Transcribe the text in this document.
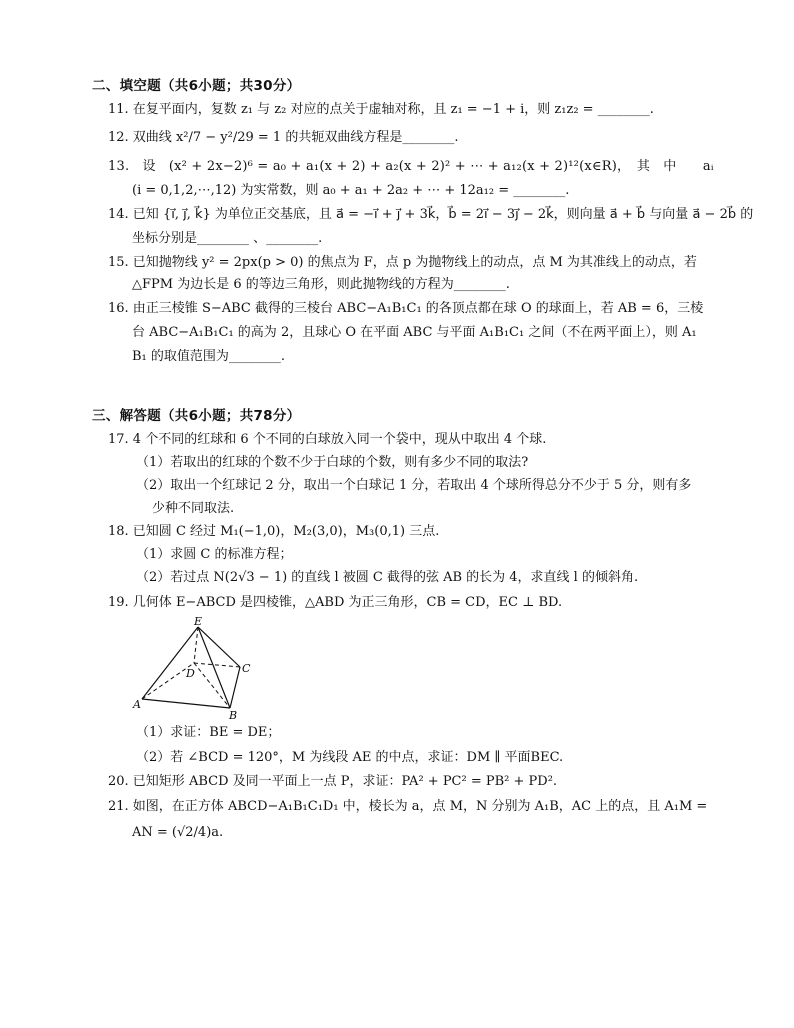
二、填空题（共6小题；共30分）
11. 在复平面内，复数 z₁ 与 z₂ 对应的点关于虚轴对称，且 z₁ = −1 + i，则 z₁z₂ = ________.
12. 双曲线 x²/7 − y²/29 = 1 的共轭双曲线方程是________.
13.　设　(x² + 2x−2)⁶ = a₀ + a₁(x + 2) + a₂(x + 2)² + ⋯ + a₁₂(x + 2)¹²(x∈R)，　其　中　　aᵢ
(i = 0,1,2,⋯,12) 为实常数，则 a₀ + a₁ + 2a₂ + ⋯ + 12a₁₂ = ________.
14. 已知 {i⃗, j⃗, k⃗} 为单位正交基底，且 a⃗ = −i⃗ + j⃗ + 3k⃗，b⃗ = 2i⃗ − 3j⃗ − 2k⃗，则向量 a⃗ + b⃗ 与向量 a⃗ − 2b⃗ 的
坐标分别是________ 、________.
15. 已知抛物线 y² = 2px(p > 0) 的焦点为 F，点 p 为抛物线上的动点，点 M 为其准线上的动点，若
△FPM 为边长是 6 的等边三角形，则此抛物线的方程为________.
16. 由正三棱锥 S−ABC 截得的三棱台 ABC−A₁B₁C₁ 的各顶点都在球 O 的球面上，若 AB = 6，三棱
台 ABC−A₁B₁C₁ 的高为 2，且球心 O 在平面 ABC 与平面 A₁B₁C₁ 之间（不在两平面上），则 A₁
B₁ 的取值范围为________.
三、解答题（共6小题；共78分）
17. 4 个不同的红球和 6 个不同的白球放入同一个袋中，现从中取出 4 个球.
（1）若取出的红球的个数不少于白球的个数，则有多少不同的取法?
（2）取出一个红球记 2 分，取出一个白球记 1 分，若取出 4 个球所得总分不少于 5 分，则有多
少种不同取法.
18. 已知圆 C 经过 M₁(−1,0)，M₂(3,0)，M₃(0,1) 三点.
（1）求圆 C 的标准方程；
（2）若过点 N(2√3 − 1) 的直线 l 被圆 C 截得的弦 AB 的长为 4，求直线 l 的倾斜角.
19. 几何体 E−ABCD 是四棱锥，△ABD 为正三角形，CB = CD，EC ⊥ BD.
E
D	C
A
B
（1）求证：BE = DE；
（2）若 ∠BCD = 120°，M 为线段 AE 的中点，求证：DM ∥ 平面BEC.
20. 已知矩形 ABCD 及同一平面上一点 P，求证：PA² + PC² = PB² + PD².
21. 如图，在正方体 ABCD−A₁B₁C₁D₁ 中，棱长为 a，点 M，N 分别为 A₁B，AC 上的点，且 A₁M =
AN = (√2/4)a.
